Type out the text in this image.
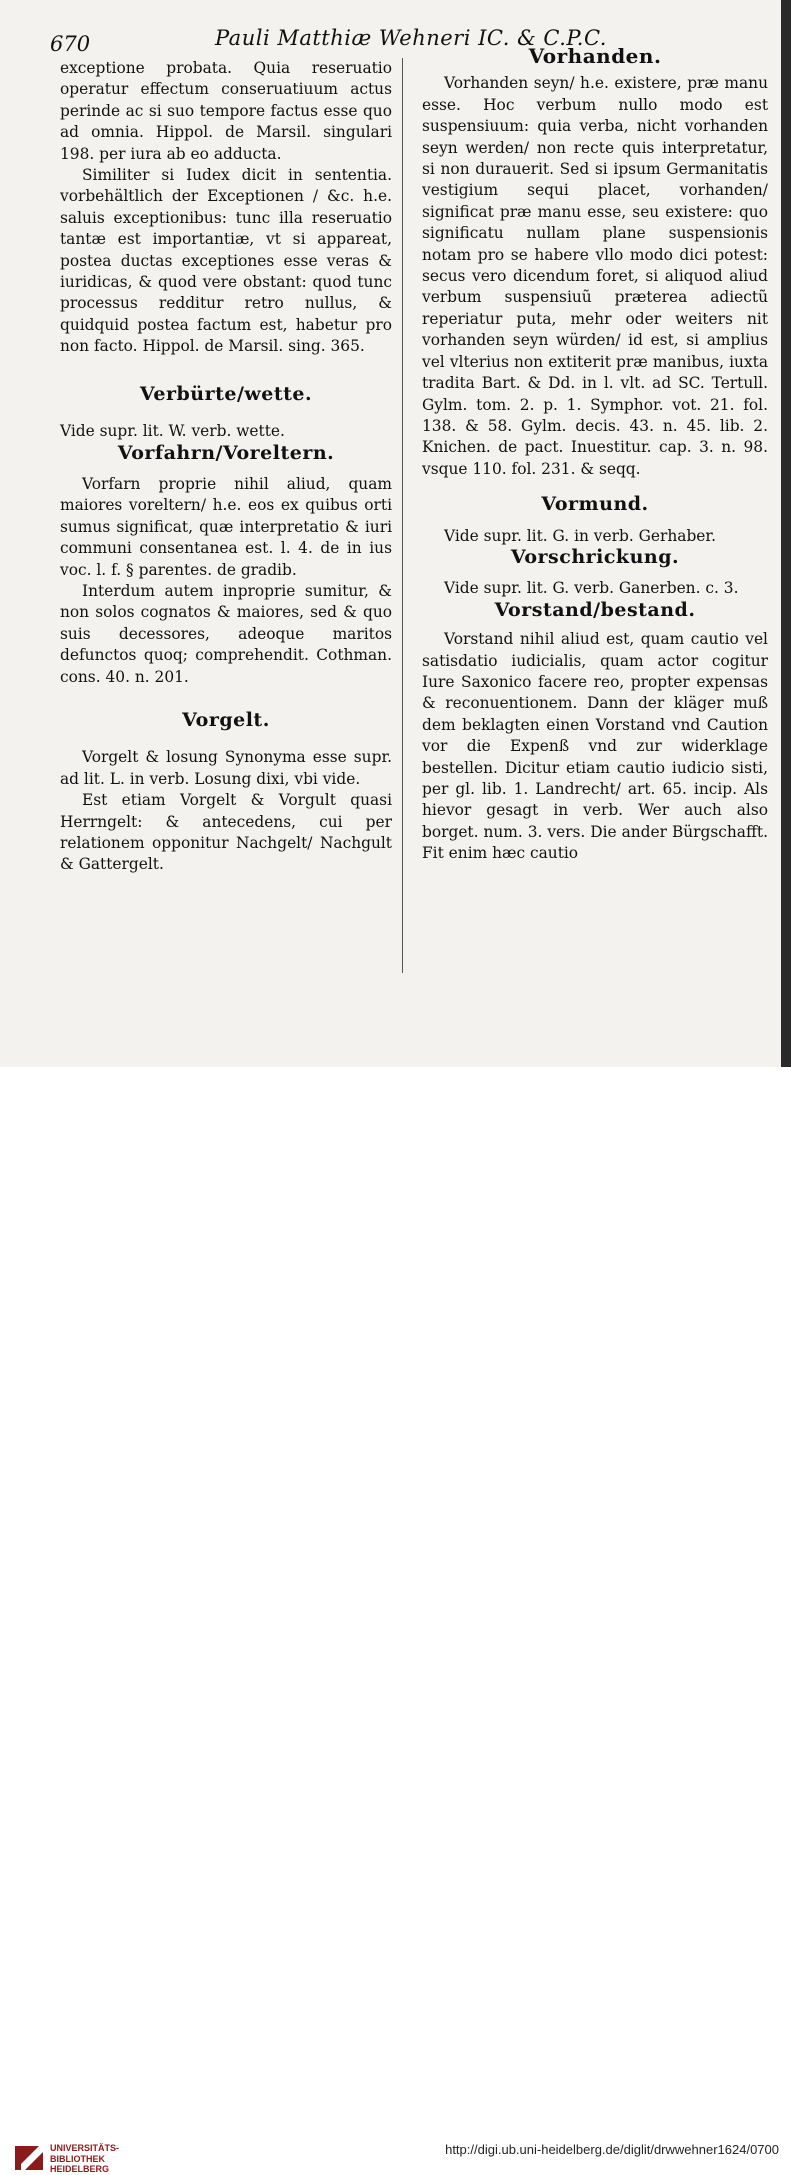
670	Pauli Matthiæ Wehneri IC. & C.P.C.

exceptione probata. Quia reseruatio operatur effectum conseruatiuum actus perinde ac si suo tempore factus esse quo ad omnia. Hippol. de Marsil. singulari 198. per iura ab eo adducta.

Similiter si Iudex dicit in sententia. vorbehältlich der Exceptionen / &c. h.e. saluis exceptionibus: tunc illa reseruatio tantæ est importantiæ, vt si appareat, postea ductas exceptiones esse veras & iuridicas, & quod vere obstant: quod tunc processus redditur retro nullus, & quidquid postea factum est, habetur pro non facto. Hippol. de Marsil. sing. 365.

Verbürte/wette.

Vide supr. lit. W. verb. wette.

Vorfahrn/Voreltern.

Vorfarn proprie nihil aliud, quam maiores voreltern/ h.e. eos ex quibus orti sumus significat, quæ interpretatio & iuri communi consentanea est. l. 4. de in ius voc. l. f. § parentes. de gradib.

Interdum autem inproprie sumitur, & non solos cognatos & maiores, sed & quo suis decessores, adeoque maritos defunctos quoq; comprehendit. Cothman. cons. 40. n. 201.

Vorgelt.

Vorgelt & losung Synonyma esse supr. ad lit. L. in verb. Losung dixi, vbi vide.

Est etiam Vorgelt & Vorgult quasi Herrngelt: & antecedens, cui per relationem opponitur Nachgelt/ Nachgult & Gattergelt.

Vorhanden.

Vorhanden seyn/ h.e. existere, præ manu esse. Hoc verbum nullo modo est suspensiuum: quia verba, nicht vorhanden seyn werden/ non recte quis interpretatur, si non durauerit. Sed si ipsum Germanitatis vestigium sequi placet, vorhanden/ significat præ manu esse, seu existere: quo significatu nullam plane suspensionis notam pro se habere vllo modo dici potest: secus vero dicendum foret, si aliquod aliud verbum suspensiuũ præterea adiectũ reperiatur puta, mehr oder weiters nit vorhanden seyn würden/ id est, si amplius vel vlterius non extiterit præ manibus, iuxta tradita Bart. & Dd. in l. vlt. ad SC. Tertull. Gylm. tom. 2. p. 1. Symphor. vot. 21. fol. 138. & 58. Gylm. decis. 43. n. 45. lib. 2. Knichen. de pact. Inuestitur. cap. 3. n. 98. vsque 110. fol. 231. & seqq.

Vormund.

Vide supr. lit. G. in verb. Gerhaber.

Vorschrickung.

Vide supr. lit. G. verb. Ganerben. c. 3.

Vorstand/bestand.

Vorstand nihil aliud est, quam cautio vel satisdatio iudicialis, quam actor cogitur Iure Saxonico facere reo, propter expensas & reconuentionem. Dann der kläger muß dem beklagten einen Vorstand vnd Caution vor die Expenß vnd zur widerklage bestellen. Dicitur etiam cautio iudicio sisti, per gl. lib. 1. Landrecht/ art. 65. incip. Als hievor gesagt in verb. Wer auch also borget. num. 3. vers. Die ander Bürgschafft. Fit enim hæc cautio

UNIVERSITÄTS-
BIBLIOTHEK
HEIDELBERG
http://digi.ub.uni-heidelberg.de/diglit/drwwehner1624/0700
